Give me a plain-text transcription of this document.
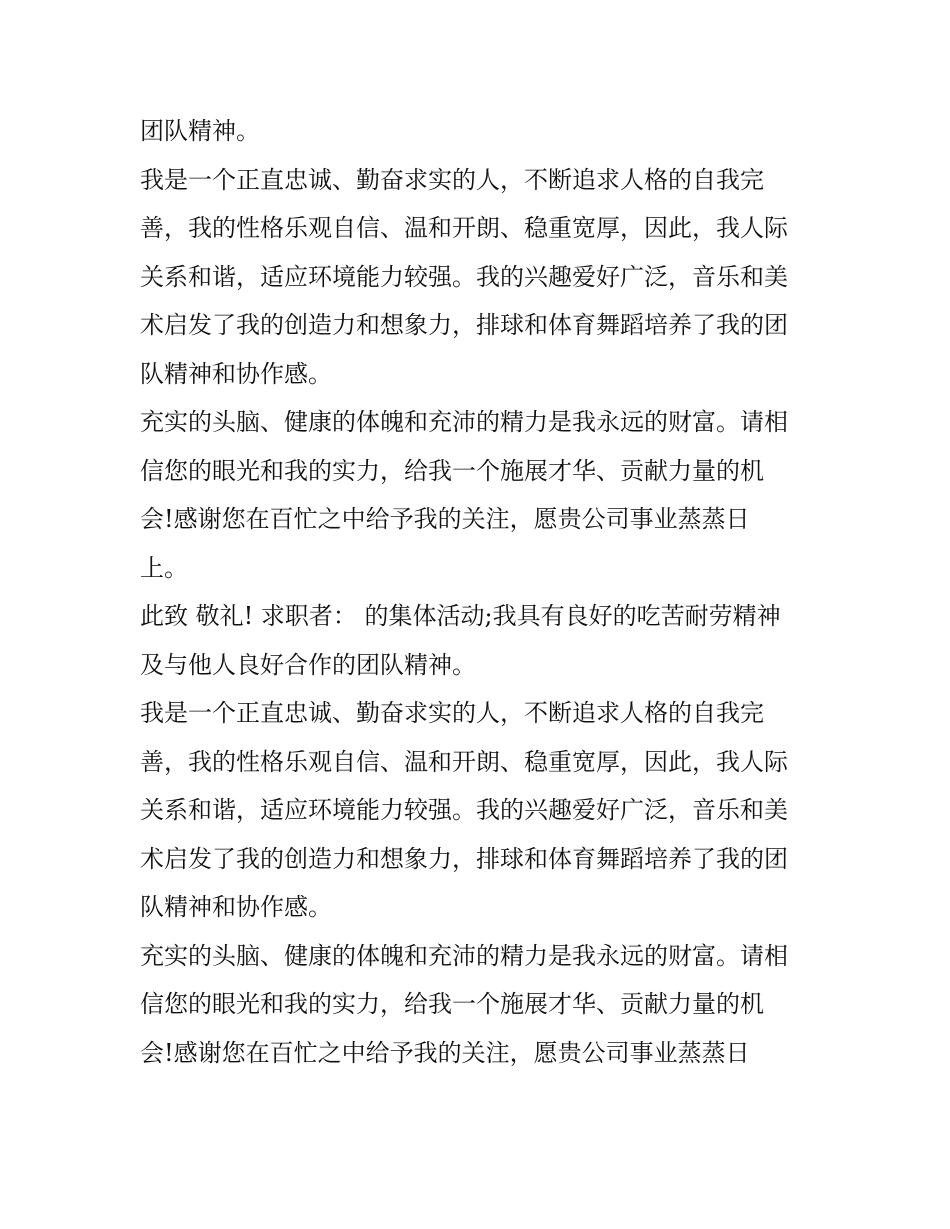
团队精神。
我是一个正直忠诚、勤奋求实的人，不断追求人格的自我完
善，我的性格乐观自信、温和开朗、稳重宽厚，因此，我人际
关系和谐，适应环境能力较强。我的兴趣爱好广泛，音乐和美
术启发了我的创造力和想象力，排球和体育舞蹈培养了我的团
队精神和协作感。
充实的头脑、健康的体魄和充沛的精力是我永远的财富。请相
信您的眼光和我的实力，给我一个施展才华、贡献力量的机
会!感谢您在百忙之中给予我的关注，愿贵公司事业蒸蒸日
上。
此致 敬礼! 求职者： 的集体活动;我具有良好的吃苦耐劳精神
及与他人良好合作的团队精神。
我是一个正直忠诚、勤奋求实的人，不断追求人格的自我完
善，我的性格乐观自信、温和开朗、稳重宽厚，因此，我人际
关系和谐，适应环境能力较强。我的兴趣爱好广泛，音乐和美
术启发了我的创造力和想象力，排球和体育舞蹈培养了我的团
队精神和协作感。
充实的头脑、健康的体魄和充沛的精力是我永远的财富。请相
信您的眼光和我的实力，给我一个施展才华、贡献力量的机
会!感谢您在百忙之中给予我的关注，愿贵公司事业蒸蒸日
